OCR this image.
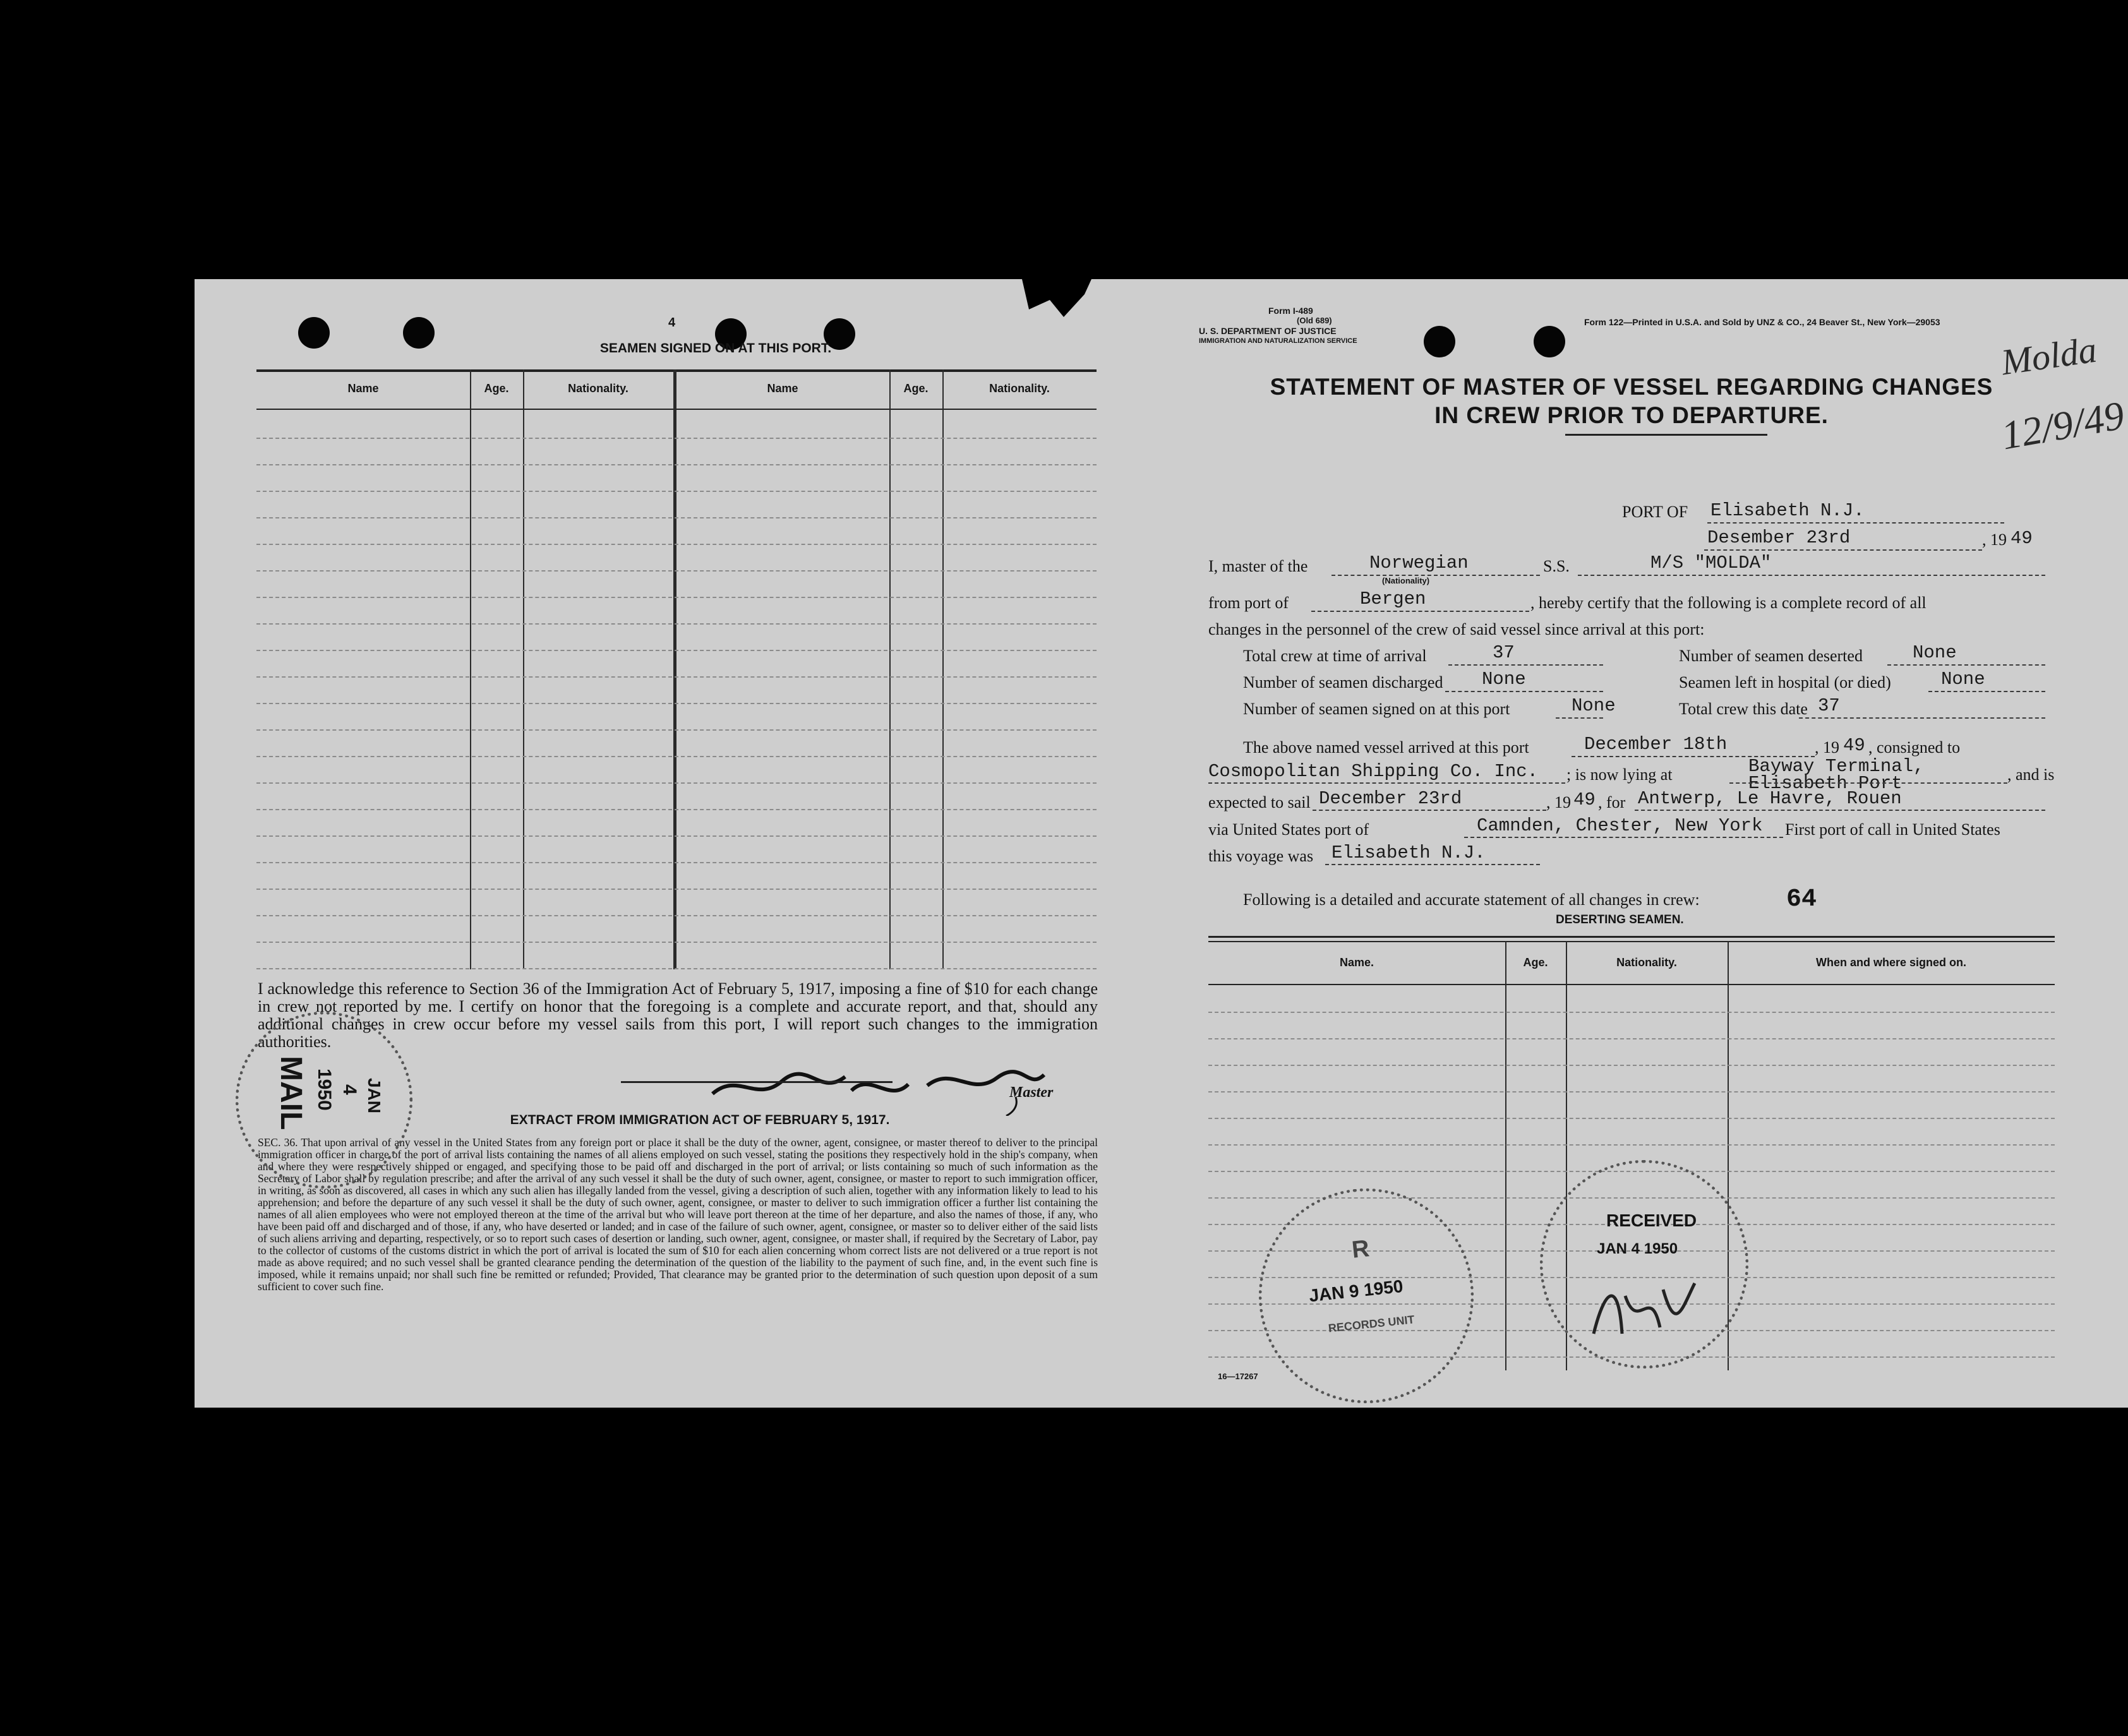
4
SEAMEN SIGNED ON AT THIS PORT.
Name	Age.	Nationality.	Name	Age.	Nationality.
I acknowledge this reference to Section 36 of the Immigration Act of February 5, 1917, imposing a fine of $10 for each change in crew not reported by me. I certify on honor that the foregoing is a complete and accurate report, and that, should any additional changes in crew occur before my vessel sails from this port, I will report such changes to the immigration authorities.
Master
EXTRACT FROM IMMIGRATION ACT OF FEBRUARY 5, 1917.
SEC. 36. That upon arrival of any vessel in the United States from any foreign port or place it shall be the duty of the owner, agent, consignee, or master thereof to deliver to the principal immigration officer in charge of the port of arrival lists containing the names of all aliens employed on such vessel, stating the positions they respectively hold in the ship's company, when and where they were respectively shipped or engaged, and specifying those to be paid off and discharged in the port of arrival; or lists containing so much of such information as the Secretary of Labor shall by regulation prescribe; and after the arrival of any such vessel it shall be the duty of such owner, agent, consignee, or master to report to such immigration officer, in writing, as soon as discovered, all cases in which any such alien has illegally landed from the vessel, giving a description of such alien, together with any information likely to lead to his apprehension; and before the departure of any such vessel it shall be the duty of such owner, agent, consignee, or master to deliver to such immigration officer a further list containing the names of all alien employees who were not employed thereon at the time of the arrival but who will leave port thereon at the time of her departure, and also the names of those, if any, who have been paid off and discharged and of those, if any, who have deserted or landed; and in case of the failure of such owner, agent, consignee, or master so to deliver either of the said lists of such aliens arriving and departing, respectively, or so to report such cases of desertion or landing, such owner, agent, consignee, or master shall, if required by the Secretary of Labor, pay to the collector of customs of the customs district in which the port of arrival is located the sum of $10 for each alien concerning whom correct lists are not delivered or a true report is not made as above required; and no such vessel shall be granted clearance pending the determination of the question of the liability to the payment of such fine, and, in the event such fine is imposed, while it remains unpaid; nor shall such fine be remitted or refunded; Provided, That clearance may be granted prior to the determination of such question upon deposit of a sum sufficient to cover such fine.
JAN
4
1950
MAIL
Form I-489
(Old 689)
U. S. DEPARTMENT OF JUSTICE
IMMIGRATION AND NATURALIZATION SERVICE
Form 122—Printed in U.S.A. and Sold by UNZ & CO., 24 Beaver St., New York—29053
STATEMENT OF MASTER OF VESSEL REGARDING CHANGES
IN CREW PRIOR TO DEPARTURE.
Molda
12/9/49
PORT OF Elisabeth N.J.
Desember 23rd	, 19 49
I, master of the	Norwegian
(Nationality)
S.S.	M/S "MOLDA"
from port of	Bergen	, hereby certify that the following is a complete record of all
changes in the personnel of the crew of said vessel since arrival at this port:
Total crew at time of arrival	37	Number of seamen deserted	None
Number of seamen discharged None	Seamen left in hospital (or died)	None
Number of seamen signed on at this port	None	Total crew this date 37
The above named vessel arrived at this port	December 18th	, 19 49 , consigned to
Cosmopolitan Shipping Co. Inc. ; is now lying at	Bayway Terminal,
Elisabeth Port	, and is
expected to sail December 23rd	, 19 49 , for Antwerp, Le Havre, Rouen
via United States port of	Camnden, Chester, New York First port of call in United States
this voyage was Elisabeth N.J.
Following is a detailed and accurate statement of all changes in crew:	64
DESERTING SEAMEN.
Name.	Age.	Nationality.	When and where signed on.
R
JAN 9 1950
RECORDS UNIT
RECEIVED
JAN 4 1950
16—17267
